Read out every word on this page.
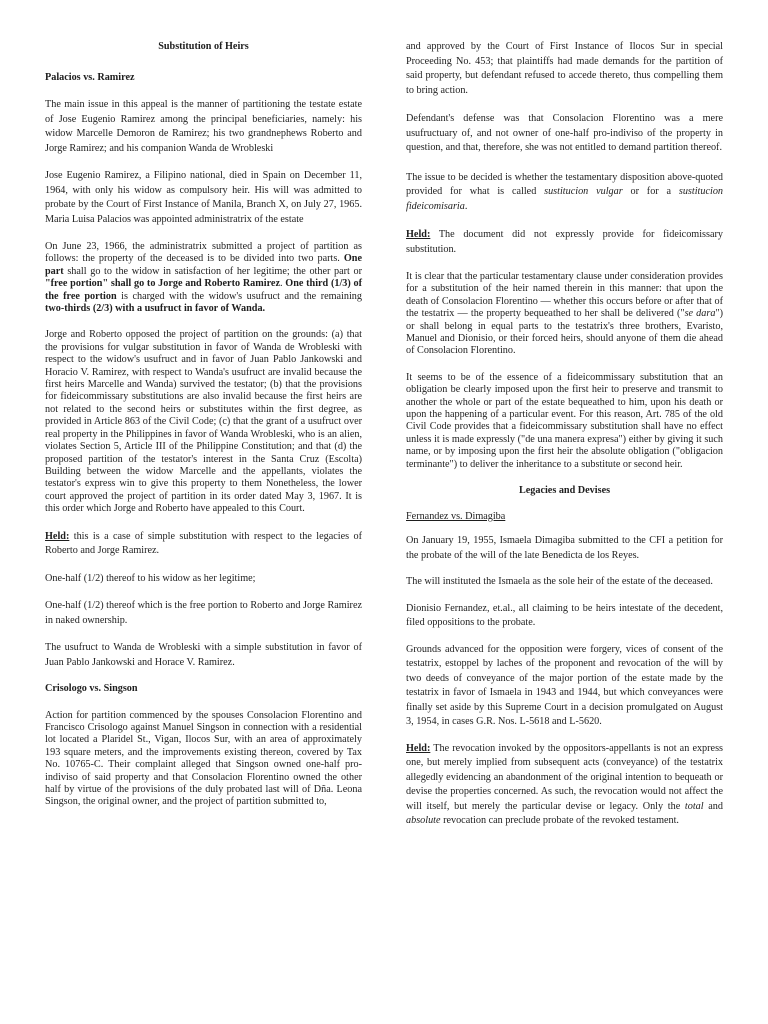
Substitution of Heirs
Palacios vs. Ramirez
The main issue in this appeal is the manner of partitioning the testate estate of Jose Eugenio Ramirez among the principal beneficiaries, namely: his widow Marcelle Demoron de Ramirez; his two grandnephews Roberto and Jorge Ramirez; and his companion Wanda de Wrobleski
Jose Eugenio Ramirez, a Filipino national, died in Spain on December 11, 1964, with only his widow as compulsory heir. His will was admitted to probate by the Court of First Instance of Manila, Branch X, on July 27, 1965. Maria Luisa Palacios was appointed administratrix of the estate
On June 23, 1966, the administratrix submitted a project of partition as follows: the property of the deceased is to be divided into two parts. One part shall go to the widow in satisfaction of her legitime; the other part or "free portion" shall go to Jorge and Roberto Ramirez. One third (1/3) of the free portion is charged with the widow's usufruct and the remaining two-thirds (2/3) with a usufruct in favor of Wanda.
Jorge and Roberto opposed the project of partition on the grounds: (a) that the provisions for vulgar substitution in favor of Wanda de Wrobleski with respect to the widow's usufruct and in favor of Juan Pablo Jankowski and Horacio V. Ramirez, with respect to Wanda's usufruct are invalid because the first heirs Marcelle and Wanda) survived the testator; (b) that the provisions for fideicommissary substitutions are also invalid because the first heirs are not related to the second heirs or substitutes within the first degree, as provided in Article 863 of the Civil Code; (c) that the grant of a usufruct over real property in the Philippines in favor of Wanda Wrobleski, who is an alien, violates Section 5, Article III of the Philippine Constitution; and that (d) the proposed partition of the testator's interest in the Santa Cruz (Escolta) Building between the widow Marcelle and the appellants, violates the testator's express win to give this property to them Nonetheless, the lower court approved the project of partition in its order dated May 3, 1967. It is this order which Jorge and Roberto have appealed to this Court.
Held: this is a case of simple substitution with respect to the legacies of Roberto and Jorge Ramirez.
One-half (1/2) thereof to his widow as her legitime;
One-half (1/2) thereof which is the free portion to Roberto and Jorge Ramirez in naked ownership.
The usufruct to Wanda de Wrobleski with a simple substitution in favor of Juan Pablo Jankowski and Horace V. Ramirez.
Crisologo vs. Singson
Action for partition commenced by the spouses Consolacion Florentino and Francisco Crisologo against Manuel Singson in connection with a residential lot located a Plaridel St., Vigan, Ilocos Sur, with an area of approximately 193 square meters, and the improvements existing thereon, covered by Tax No. 10765-C. Their complaint alleged that Singson owned one-half pro-indiviso of said property and that Consolacion Florentino owned the other half by virtue of the provisions of the duly probated last will of Dña. Leona Singson, the original owner, and the project of partition submitted to,
and approved by the Court of First Instance of Ilocos Sur in special Proceeding No. 453; that plaintiffs had made demands for the partition of said property, but defendant refused to accede thereto, thus compelling them to bring action.
Defendant's defense was that Consolacion Florentino was a mere usufructuary of, and not owner of one-half pro-indiviso of the property in question, and that, therefore, she was not entitled to demand partition thereof.
The issue to be decided is whether the testamentary disposition above-quoted provided for what is called sustitucion vulgar or for a sustitucion fideicomisaria.
Held: The document did not expressly provide for fideicomissary substitution.
It is clear that the particular testamentary clause under consideration provides for a substitution of the heir named therein in this manner: that upon the death of Consolacion Florentino — whether this occurs before or after that of the testatrix — the property bequeathed to her shall be delivered ("se dara") or shall belong in equal parts to the testatrix's three brothers, Evaristo, Manuel and Dionisio, or their forced heirs, should anyone of them die ahead of Consolacion Florentino.
It seems to be of the essence of a fideicommissary substitution that an obligation be clearly imposed upon the first heir to preserve and transmit to another the whole or part of the estate bequeathed to him, upon his death or upon the happening of a particular event. For this reason, Art. 785 of the old Civil Code provides that a fideicommissary substitution shall have no effect unless it is made expressly ("de una manera expresa") either by giving it such name, or by imposing upon the first heir the absolute obligation ("obligacion terminante") to deliver the inheritance to a substitute or second heir.
Legacies and Devises
Fernandez vs. Dimagiba
On January 19, 1955, Ismaela Dimagiba submitted to the CFI a petition for the probate of the will of the late Benedicta de los Reyes.
The will instituted the Ismaela as the sole heir of the estate of the deceased.
Dionisio Fernandez, et.al., all claiming to be heirs intestate of the decedent, filed oppositions to the probate.
Grounds advanced for the opposition were forgery, vices of consent of the testatrix, estoppel by laches of the proponent and revocation of the will by two deeds of conveyance of the major portion of the estate made by the testatrix in favor of Ismaela in 1943 and 1944, but which conveyances were finally set aside by this Supreme Court in a decision promulgated on August 3, 1954, in cases G.R. Nos. L-5618 and L-5620.
Held: The revocation invoked by the oppositors-appellants is not an express one, but merely implied from subsequent acts (conveyance) of the testatrix allegedly evidencing an abandonment of the original intention to bequeath or devise the properties concerned. As such, the revocation would not affect the will itself, but merely the particular devise or legacy. Only the total and absolute revocation can preclude probate of the revoked testament.
